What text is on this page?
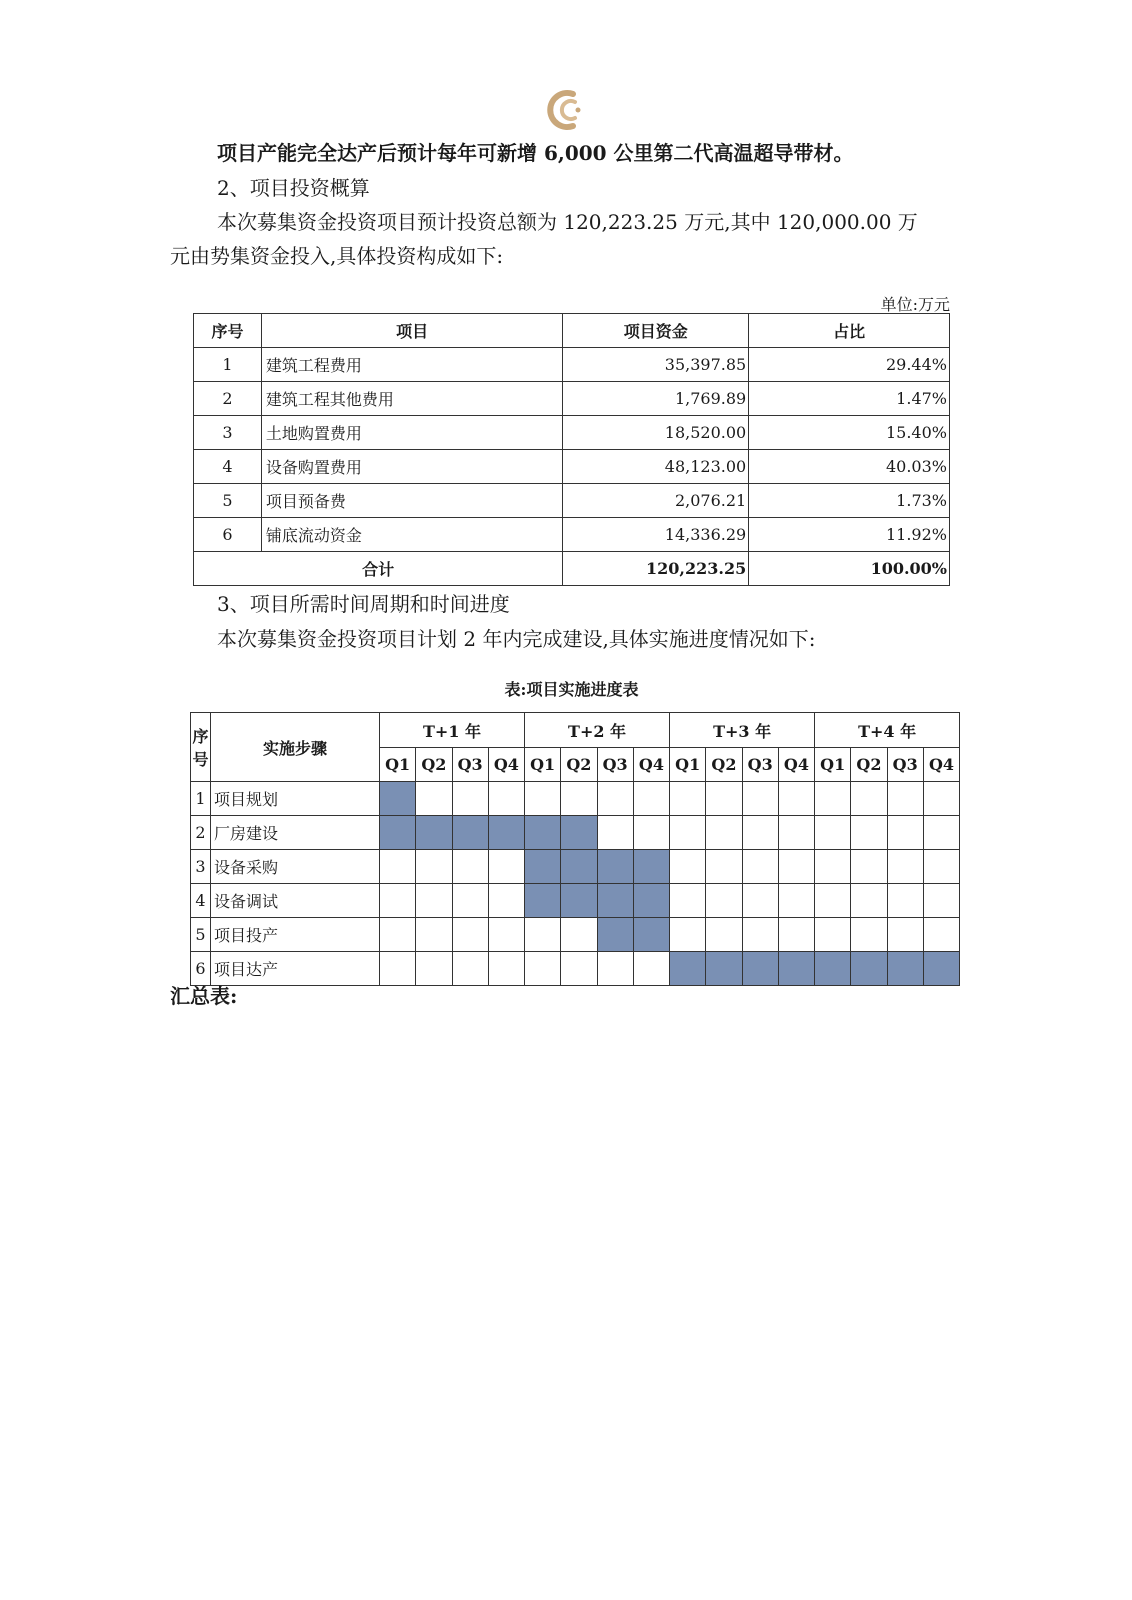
项目产能完全达产后预计每年可新增 6,000 公里第二代高温超导带材。

2、项目投资概算

本次募集资金投资项目预计投资总额为 120,223.25 万元,其中 120,000.00 万

元由势集资金投入,具体投资构成如下:

单位:万元
序号	项目	项目资金	占比
1	建筑工程费用	35,397.85	29.44%
2	建筑工程其他费用	1,769.89	1.47%
3	土地购置费用	18,520.00	15.40%
4	设备购置费用	48,123.00	40.03%
5	项目预备费	2,076.21	1.73%
6	铺底流动资金	14,336.29	11.92%
合计		120,223.25	100.00%

3、项目所需时间周期和时间进度

本次募集资金投资项目计划 2 年内完成建设,具体实施进度情况如下:

表:项目实施进度表
序号	实施步骤	T+1 年				T+2 年				T+3 年				T+4 年			
		Q1	Q2	Q3	Q4	Q1	Q2	Q3	Q4	Q1	Q2	Q3	Q4	Q1	Q2	Q3	Q4
1	项目规划																
2	厂房建设																
3	设备采购																
4	设备调试																
5	项目投产																
6	项目达产																

汇总表:
